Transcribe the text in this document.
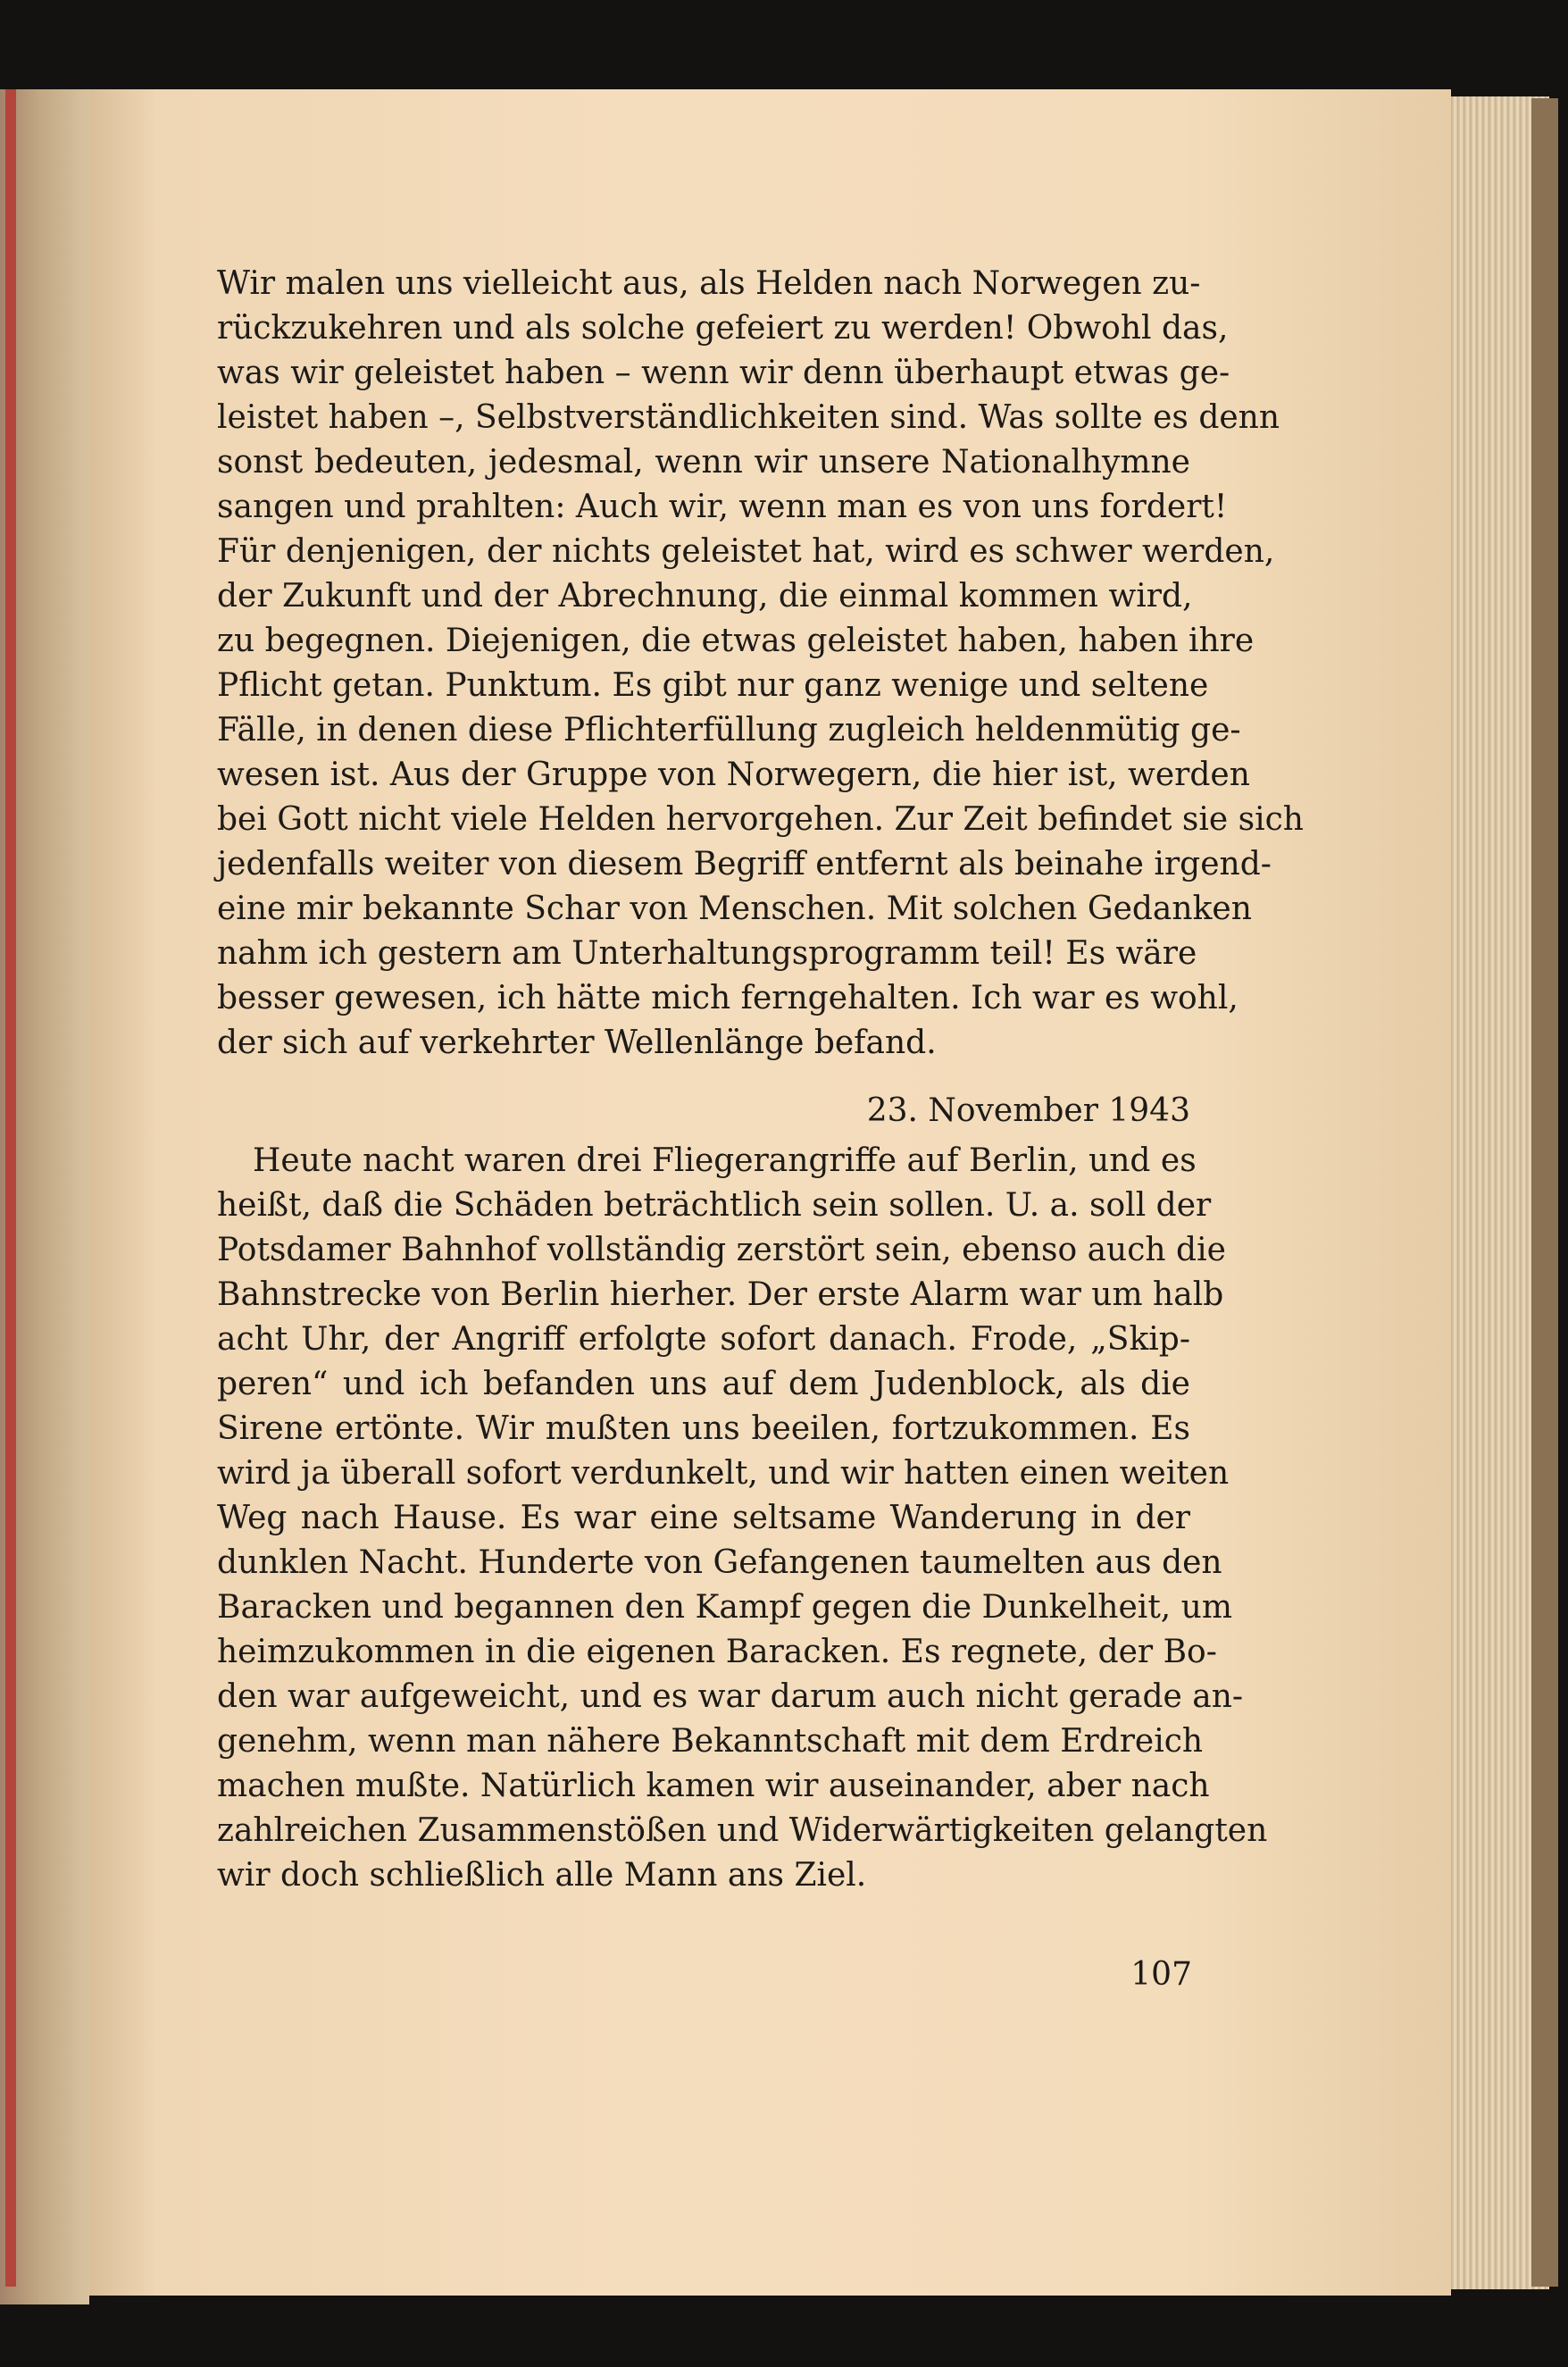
Wir malen uns vielleicht aus, als Helden nach Norwegen zu-
rückzukehren und als solche gefeiert zu werden! Obwohl das,
was wir geleistet haben – wenn wir denn überhaupt etwas ge-
leistet haben –, Selbstverständlichkeiten sind. Was sollte es denn
sonst bedeuten, jedesmal, wenn wir unsere Nationalhymne
sangen und prahlten: Auch wir, wenn man es von uns fordert!
Für denjenigen, der nichts geleistet hat, wird es schwer werden,
der Zukunft und der Abrechnung, die einmal kommen wird,
zu begegnen. Diejenigen, die etwas geleistet haben, haben ihre
Pflicht getan. Punktum. Es gibt nur ganz wenige und seltene
Fälle, in denen diese Pflichterfüllung zugleich heldenmütig ge-
wesen ist. Aus der Gruppe von Norwegern, die hier ist, werden
bei Gott nicht viele Helden hervorgehen. Zur Zeit befindet sie sich
jedenfalls weiter von diesem Begriff entfernt als beinahe irgend-
eine mir bekannte Schar von Menschen. Mit solchen Gedanken
nahm ich gestern am Unterhaltungsprogramm teil! Es wäre
besser gewesen, ich hätte mich ferngehalten. Ich war es wohl,
der sich auf verkehrter Wellenlänge befand.
23. November 1943
Heute nacht waren drei Fliegerangriffe auf Berlin, und es
heißt, daß die Schäden beträchtlich sein sollen. U. a. soll der
Potsdamer Bahnhof vollständig zerstört sein, ebenso auch die
Bahnstrecke von Berlin hierher. Der erste Alarm war um halb
acht Uhr, der Angriff erfolgte sofort danach. Frode, „Skip-
peren“ und ich befanden uns auf dem Judenblock, als die
Sirene ertönte. Wir mußten uns beeilen, fortzukommen. Es
wird ja überall sofort verdunkelt, und wir hatten einen weiten
Weg nach Hause. Es war eine seltsame Wanderung in der
dunklen Nacht. Hunderte von Gefangenen taumelten aus den
Baracken und begannen den Kampf gegen die Dunkelheit, um
heimzukommen in die eigenen Baracken. Es regnete, der Bo-
den war aufgeweicht, und es war darum auch nicht gerade an-
genehm, wenn man nähere Bekanntschaft mit dem Erdreich
machen mußte. Natürlich kamen wir auseinander, aber nach
zahlreichen Zusammenstößen und Widerwärtigkeiten gelangten
wir doch schließlich alle Mann ans Ziel.
107
